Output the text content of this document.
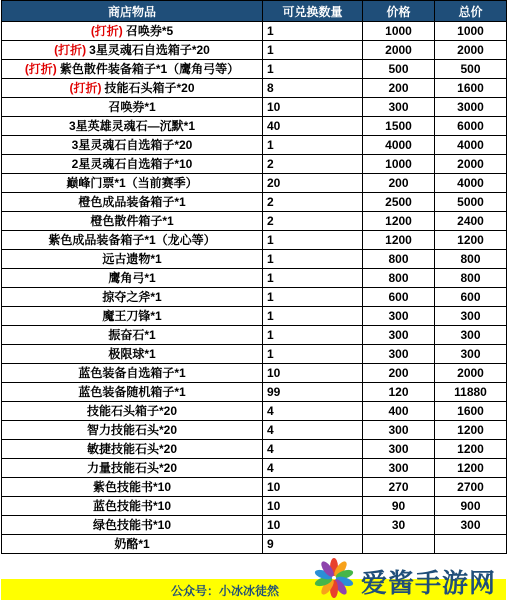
商店物品	可兑换数量	价格	总价
(打折) 召唤券*5	1	1000	1000
(打折) 3星灵魂石自选箱子*20	1	2000	2000
(打折) 紫色散件装备箱子*1（鹰角弓等）	1	500	500
(打折) 技能石头箱子*20	8	200	1600
召唤券*1	10	300	3000
3星英雄灵魂石—沉默*1	40	1500	6000
3星灵魂石自选箱子*20	1	4000	4000
2星灵魂石自选箱子*10	2	1000	2000
巅峰门票*1（当前赛季）	20	200	4000
橙色成品装备箱子*1	2	2500	5000
橙色散件箱子*1	2	1200	2400
紫色成品装备箱子*1（龙心等）	1	1200	1200
远古遗物*1	1	800	800
鹰角弓*1	1	800	800
掠夺之斧*1	1	600	600
魔王刀锋*1	1	300	300
振奋石*1	1	300	300
极限球*1	1	300	300
蓝色装备自选箱子*1	10	200	2000
蓝色装备随机箱子*1	99	120	11880
技能石头箱子*20	4	400	1600
智力技能石头*20	4	300	1200
敏捷技能石头*20	4	300	1200
力量技能石头*20	4	300	1200
紫色技能书*10	10	270	2700
蓝色技能书*10	10	90	900
绿色技能书*10	10	30	300
奶酪*1	9		
公众号：小冰冰徒然	爱酱手游网
